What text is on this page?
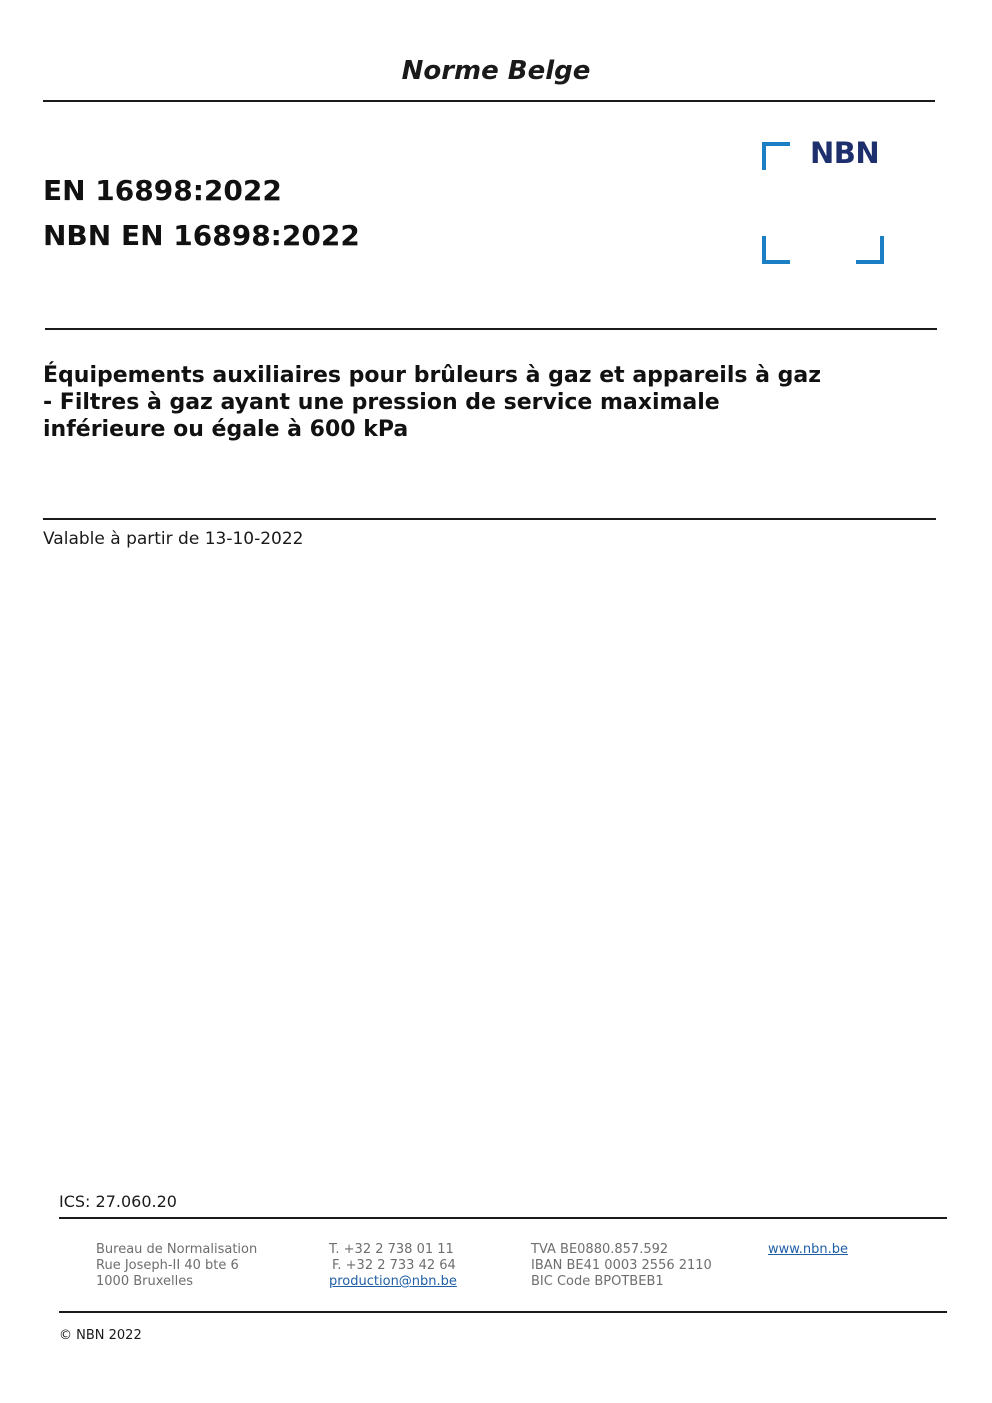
Norme Belge
EN 16898:2022
NBN EN 16898:2022
NBN
Équipements auxiliaires pour brûleurs à gaz et appareils à gaz
- Filtres à gaz ayant une pression de service maximale
inférieure ou égale à 600 kPa
Valable à partir de 13-10-2022
ICS: 27.060.20
Bureau de Normalisation
Rue Joseph-II 40 bte 6
1000 Bruxelles
T. +32 2 738 01 11
F. +32 2 733 42 64
production@nbn.be
TVA BE0880.857.592
IBAN BE41 0003 2556 2110
BIC Code BPOTBEB1
www.nbn.be
© NBN 2022
